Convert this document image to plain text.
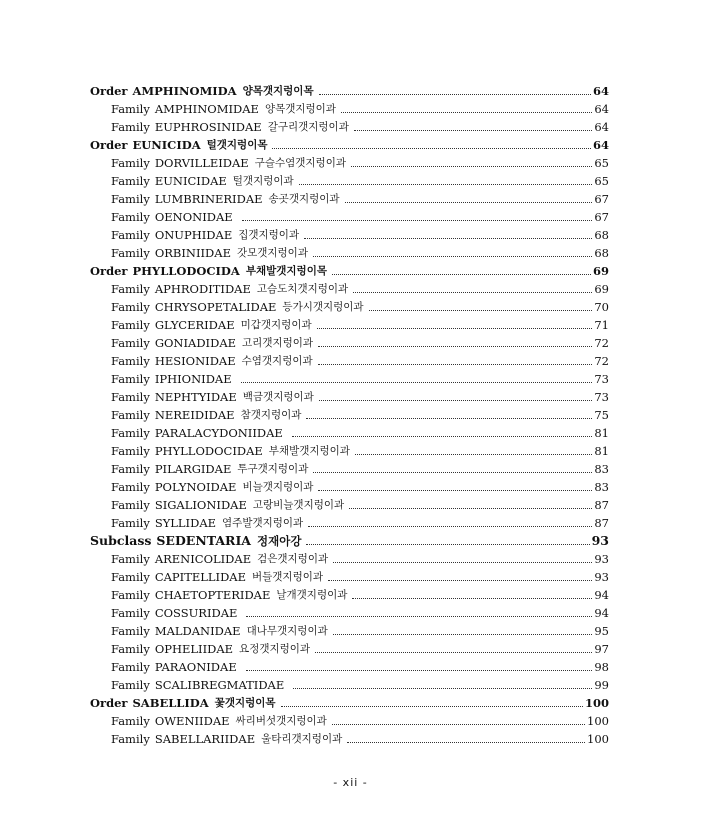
Order AMPHINOMIDA 양목갯지렁이목	64
Family AMPHINOMIDAE 양목갯지렁이과	64
Family EUPHROSINIDAE 갈구리갯지렁이과	64
Order EUNICIDA 털갯지렁이목	64
Family DORVILLEIDAE 구슬수염갯지렁이과	65
Family EUNICIDAE 털갯지렁이과	65
Family LUMBRINERIDAE 송곳갯지렁이과	67
Family OENONIDAE	67
Family ONUPHIDAE 집갯지렁이과	68
Family ORBINIIDAE 갓모갯지렁이과	68
Order PHYLLODOCIDA 부채발갯지렁이목	69
Family APHRODITIDAE 고슴도치갯지렁이과	69
Family CHRYSOPETALIDAE 등가시갯지렁이과	70
Family GLYCERIDAE 미갑갯지렁이과	71
Family GONIADIDAE 고리갯지렁이과	72
Family HESIONIDAE 수염갯지렁이과	72
Family IPHIONIDAE	73
Family NEPHTYIDAE 백금갯지렁이과	73
Family NEREIDIDAE 참갯지렁이과	75
Family PARALACYDONIIDAE	81
Family PHYLLODOCIDAE 부채발갯지렁이과	81
Family PILARGIDAE 투구갯지렁이과	83
Family POLYNOIDAE 비늘갯지렁이과	83
Family SIGALIONIDAE 고랑비늘갯지렁이과	87
Family SYLLIDAE 염주발갯지렁이과	87
Subclass SEDENTARIA 정재아강	93
Family ARENICOLIDAE 검은갯지렁이과	93
Family CAPITELLIDAE 버들갯지렁이과	93
Family CHAETOPTERIDAE 날개갯지렁이과	94
Family COSSURIDAE	94
Family MALDANIDAE 대나무갯지렁이과	95
Family OPHELIIDAE 요정갯지렁이과	97
Family PARAONIDAE	98
Family SCALIBREGMATIDAE	99
Order SABELLIDA 꽃갯지렁이목	100
Family OWENIIDAE 싸리버섯갯지렁이과	100
Family SABELLARIIDAE 울타리갯지렁이과	100
- xii -
